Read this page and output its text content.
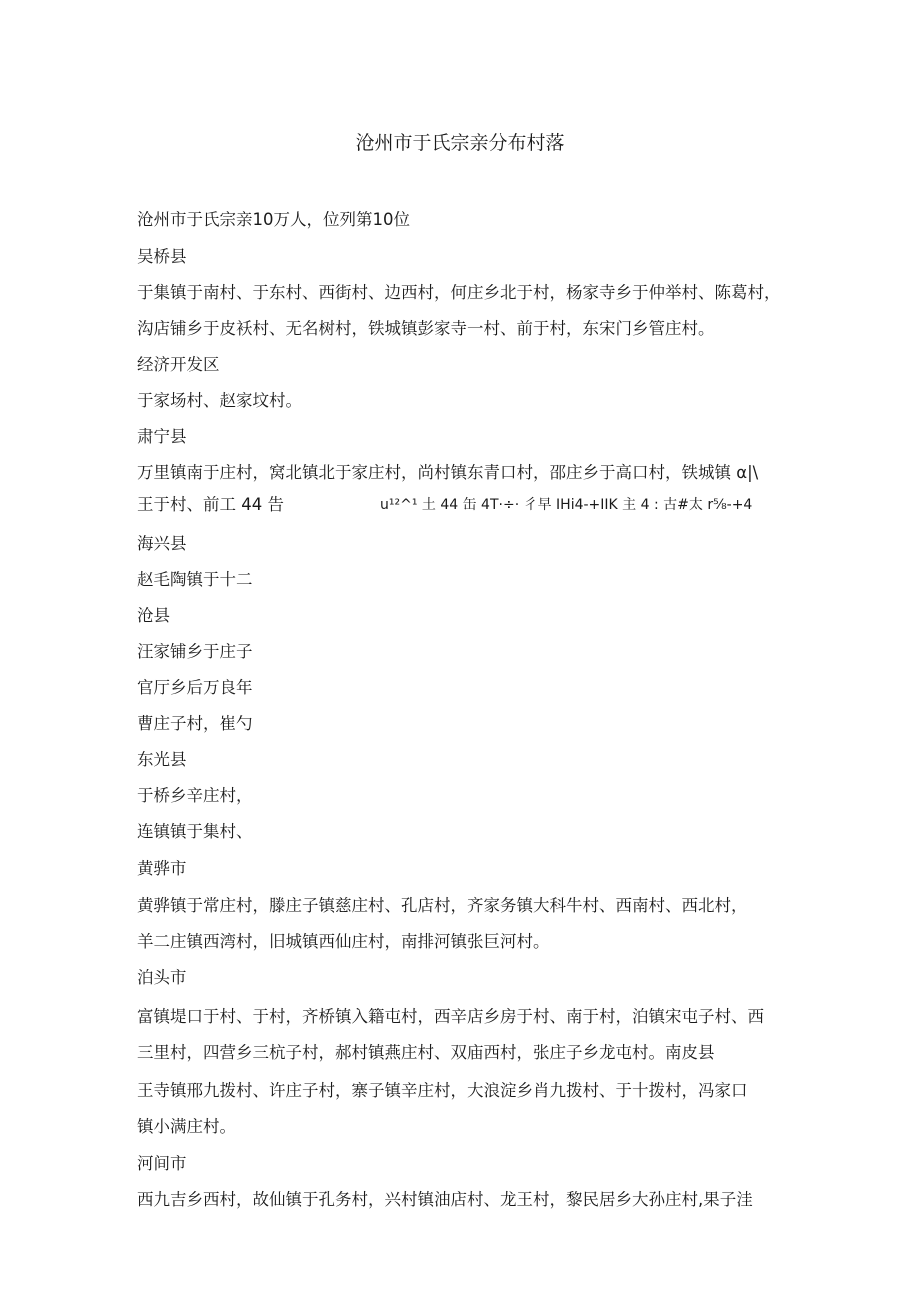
沧州市于氏宗亲分布村落
沧州市于氏宗亲10万人，位列第10位
吴桥县
于集镇于南村、于东村、西街村、边西村，何庄乡北于村，杨家寺乡于仲举村、陈葛村，
沟店铺乡于皮袄村、无名树村，铁城镇彭家寺一村、前于村，东宋门乡管庄村。
经济开发区
于家场村、赵家坟村。
肃宁县
万里镇南于庄村，窝北镇北于家庄村，尚村镇东青口村，邵庄乡于高口村，铁城镇 ⍺|\
王于村、前工 44 告	u¹²^¹ 土 44 缶 4T·÷· 彳早 IHi4-+IIK 主 4 : 古#太 r⅝-+4
海兴县
赵毛陶镇于十二
沧县
汪家铺乡于庄子
官厅乡后万良年
曹庄子村，崔勺
东光县
于桥乡辛庄村，
连镇镇于集村、
黄骅市
黄骅镇于常庄村，滕庄子镇慈庄村、孔店村，齐家务镇大科牛村、西南村、西北村，
羊二庄镇西湾村，旧城镇西仙庄村，南排河镇张巨河村。
泊头市
富镇堤口于村、于村，齐桥镇入籍屯村，西辛店乡房于村、南于村，泊镇宋屯子村、西
三里村，四营乡三杭子村，郝村镇燕庄村、双庙西村，张庄子乡龙屯村。南皮县
王寺镇邢九拨村、许庄子村，寨子镇辛庄村，大浪淀乡肖九拨村、于十拨村，冯家口
镇小满庄村。
河间市
西九吉乡西村，故仙镇于孔务村，兴村镇油店村、龙王村，黎民居乡大孙庄村,果子洼
